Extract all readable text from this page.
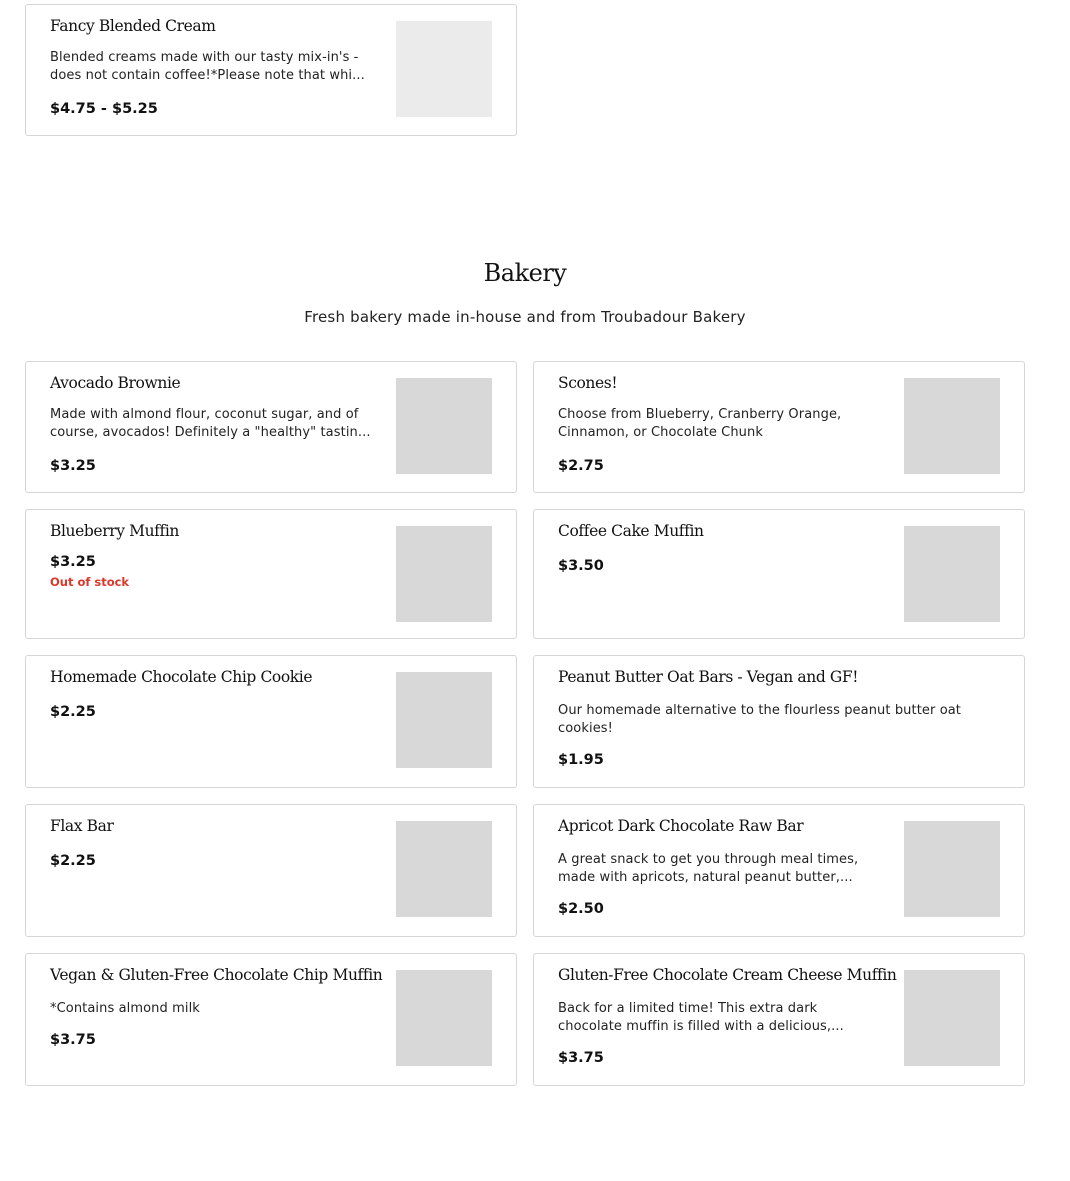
Fancy Blended Cream
Blended creams made with our tasty mix-in's - does not contain coffee!*Please note that whi...
$4.75 - $5.25
Bakery
Fresh bakery made in-house and from Troubadour Bakery
Avocado Brownie
Made with almond flour, coconut sugar, and of course, avocados! Definitely a "healthy" tastin...
$3.25
Scones!
Choose from Blueberry, Cranberry Orange, Cinnamon, or Chocolate Chunk
$2.75
Blueberry Muffin
$3.25
Out of stock
Coffee Cake Muffin
$3.50
Homemade Chocolate Chip Cookie
$2.25
Peanut Butter Oat Bars - Vegan and GF!
Our homemade alternative to the flourless peanut butter oat cookies!
$1.95
Flax Bar
$2.25
Apricot Dark Chocolate Raw Bar
A great snack to get you through meal times, made with apricots, natural peanut butter,...
$2.50
Vegan & Gluten-Free Chocolate Chip Muffin
*Contains almond milk
$3.75
Gluten-Free Chocolate Cream Cheese Muffin
Back for a limited time! This extra dark chocolate muffin is filled with a delicious,...
$3.75
